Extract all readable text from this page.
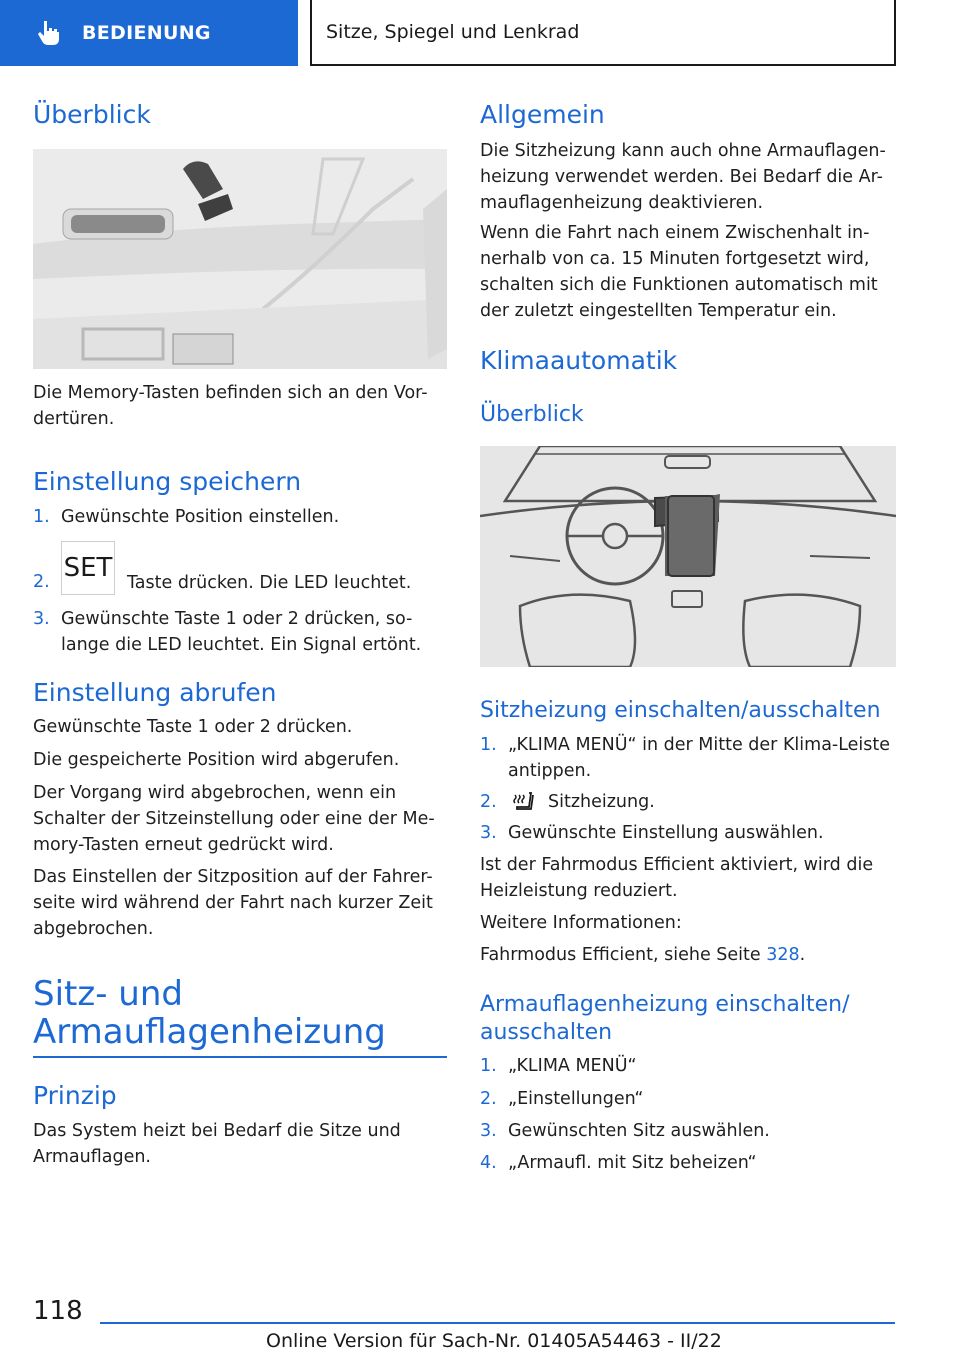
BEDIENUNG	Sitze, Spiegel und Lenkrad
Überblick

Die Memory-Tasten befinden sich an den Vor-dertüren.

Einstellung speichern
1. Gewünschte Position einstellen.
2. SET Taste drücken. Die LED leuchtet.
3. Gewünschte Taste 1 oder 2 drücken, so-lange die LED leuchtet. Ein Signal ertönt.
Einstellung abrufen

Gewünschte Taste 1 oder 2 drücken.

Die gespeicherte Position wird abgerufen.

Der Vorgang wird abgebrochen, wenn ein Schalter der Sitzeinstellung oder eine der Me-mory-Tasten erneut gedrückt wird.

Das Einstellen der Sitzposition auf der Fahrer-seite wird während der Fahrt nach kurzer Zeit abgebrochen.

Sitz- und
Armauflagenheizung
Prinzip

Das System heizt bei Bedarf die Sitze und Armauflagen.

Allgemein

Die Sitzheizung kann auch ohne Armauflagen-heizung verwendet werden. Bei Bedarf die Ar-mauflagenheizung deaktivieren.

Wenn die Fahrt nach einem Zwischenhalt in-nerhalb von ca. 15 Minuten fortgesetzt wird, schalten sich die Funktionen automatisch mit der zuletzt eingestellten Temperatur ein.

Klimaautomatik
Überblick
Sitzheizung einschalten/ausschalten
1. „KLIMA MENÜ“ in der Mitte der Klima-Leiste antippen.
2.	Sitzheizung.
3. Gewünschte Einstellung auswählen.

Ist der Fahrmodus Efficient aktiviert, wird die Heizleistung reduziert.

Weitere Informationen:

Fahrmodus Efficient, siehe Seite 328.

Armauflagenheizung einschalten/
ausschalten
1. „KLIMA MENÜ“
2. „Einstellungen“
3. Gewünschten Sitz auswählen.
4. „Armaufl. mit Sitz beheizen“
118
Online Version für Sach-Nr. 01405A54463 - II/22
